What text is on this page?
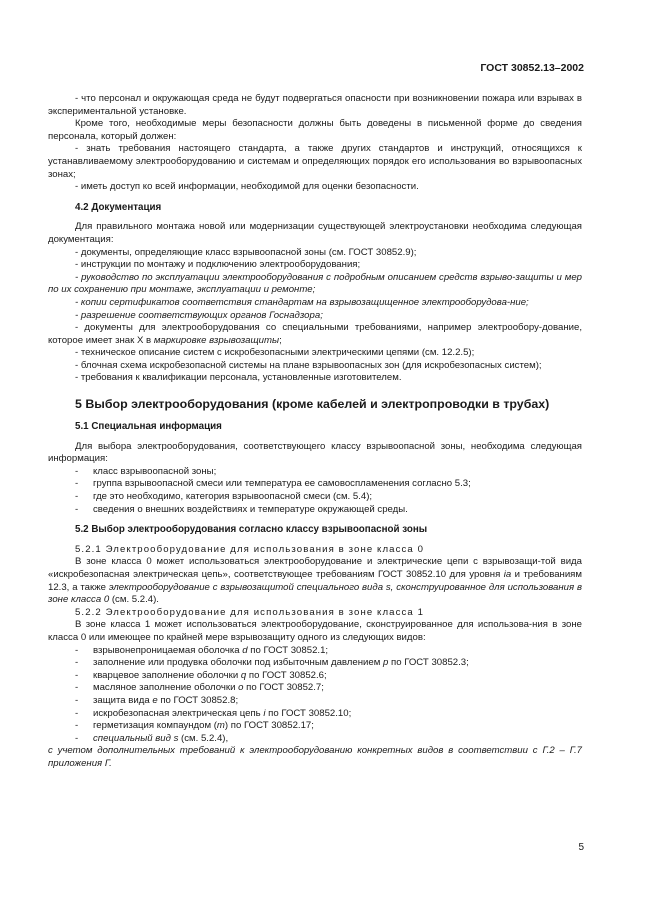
ГОСТ 30852.13–2002

- что персонал и окружающая среда не будут подвергаться опасности при возникновении пожара или взрывах в экспериментальной установке.

Кроме того, необходимые меры безопасности должны быть доведены в письменной форме до сведения персонала, который должен:

- знать требования настоящего стандарта, а также других стандартов и инструкций, относящихся к устанавливаемому электрооборудованию и системам и определяющих порядок его использования во взрывоопасных зонах;

- иметь доступ ко всей информации, необходимой для оценки безопасности.

4.2 Документация

Для правильного монтажа новой или модернизации существующей электроустановки необходима следующая документация:

- документы, определяющие класс взрывоопасной зоны (см. ГОСТ 30852.9);

- инструкции по монтажу и подключению электрооборудования;

- руководство по эксплуатации электрооборудования с подробным описанием средств взрыво-защиты и мер по их сохранению при монтаже, эксплуатации и ремонте;

- копии сертификатов соответствия стандартам на взрывозащищенное электрооборудова-ние;

- разрешение соответствующих органов Госнадзора;

- документы для электрооборудования со специальными требованиями, например электрообору-дование, которое имеет знак X в маркировке взрывозащиты;

- техническое описание систем с искробезопасными электрическими цепями (см. 12.2.5);

- блочная схема искробезопасной системы на плане взрывоопасных зон (для искробезопасных систем);

- требования к квалификации персонала, установленные изготовителем.

5 Выбор электрооборудования (кроме кабелей и электропроводки в трубах)

5.1 Специальная информация

Для выбора электрооборудования, соответствующего классу взрывоопасной зоны, необходима следующая информация:

- класс взрывоопасной зоны;

- группа взрывоопасной смеси или температура ее самовоспламенения согласно 5.3;

- где это необходимо, категория взрывоопасной смеси (см. 5.4);

- сведения о внешних воздействиях и температуре окружающей среды.

5.2 Выбор электрооборудования согласно классу взрывоопасной зоны

5.2.1 Электрооборудование для использования в зоне класса 0

В зоне класса 0 может использоваться электрооборудование и электрические цепи с взрывозащи-той вида «искробезопасная электрическая цепь», соответствующее требованиям ГОСТ 30852.10 для уровня ia и требованиям 12.3, а также электрооборудование с взрывозащитой специального вида s, сконструированное для использования в зоне класса 0 (см. 5.2.4).

5.2.2 Электрооборудование для использования в зоне класса 1

В зоне класса 1 может использоваться электрооборудование, сконструированное для использова-ния в зоне класса 0 или имеющее по крайней мере взрывозащиту одного из следующих видов:

- взрывонепроницаемая оболочка d по ГОСТ 30852.1;

- заполнение или продувка оболочки под избыточным давлением p по ГОСТ 30852.3;

- кварцевое заполнение оболочки q по ГОСТ 30852.6;

- масляное заполнение оболочки o по ГОСТ 30852.7;

- защита вида e по ГОСТ 30852.8;

- искробезопасная электрическая цепь i по ГОСТ 30852.10;

- герметизация компаундом (m) по ГОСТ 30852.17;

- специальный вид s (см. 5.2.4),

с учетом дополнительных требований к электрооборудованию конкретных видов в соответствии с Г.2 – Г.7 приложения Г.

5
